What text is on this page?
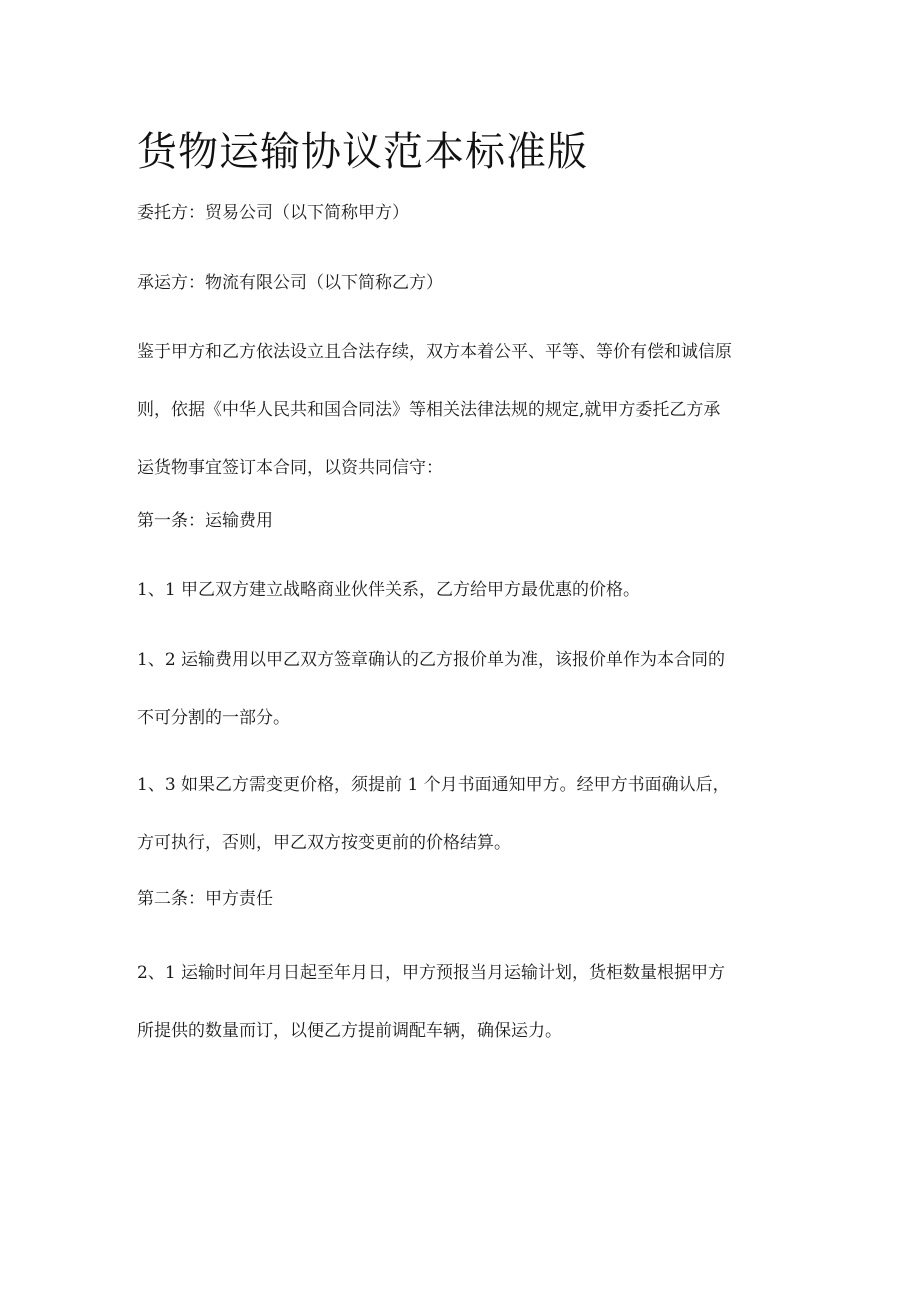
货物运输协议范本标准版

委托方：贸易公司（以下简称甲方）

承运方：物流有限公司（以下简称乙方）

鉴于甲方和乙方依法设立且合法存续，双方本着公平、平等、等价有偿和诚信原
则，依据《中华人民共和国合同法》等相关法律法规的规定,就甲方委托乙方承
运货物事宜签订本合同，以资共同信守：

第一条：运输费用

1、1 甲乙双方建立战略商业伙伴关系，乙方给甲方最优惠的价格。
1、2 运输费用以甲乙双方签章确认的乙方报价单为准，该报价单作为本合同的
不可分割的一部分。
1、3 如果乙方需变更价格，须提前 1 个月书面通知甲方。经甲方书面确认后，
方可执行，否则，甲乙双方按变更前的价格结算。

第二条：甲方责任

2、1 运输时间年月日起至年月日，甲方预报当月运输计划，货柜数量根据甲方
所提供的数量而订，以便乙方提前调配车辆，确保运力。
